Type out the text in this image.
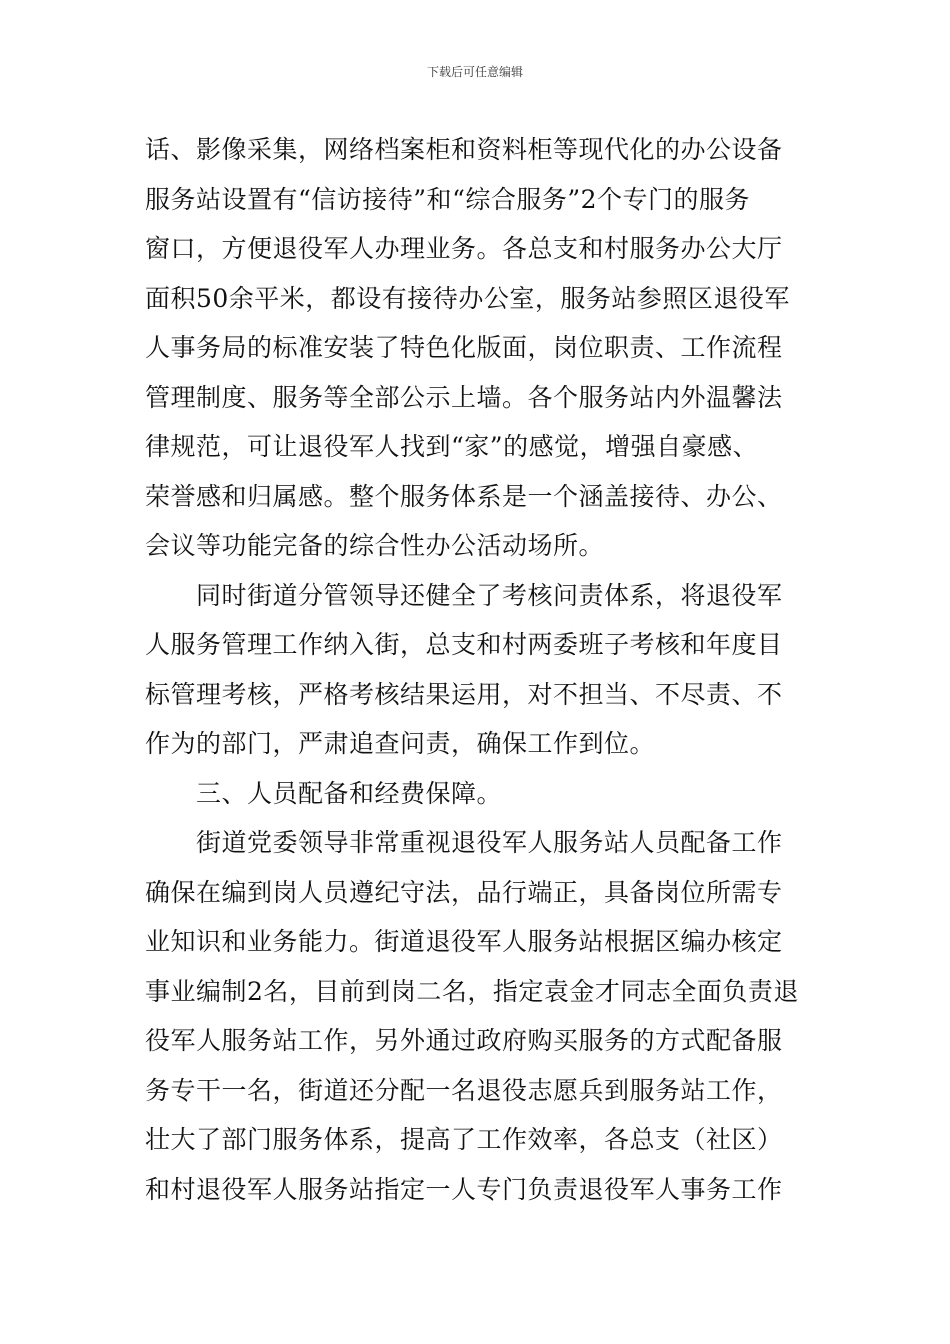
下载后可任意编辑
话、影像采集，网络档案柜和资料柜等现代化的办公设备
服务站设置有“信访接待”和“综合服务”2个专门的服务
窗口，方便退役军人办理业务。各总支和村服务办公大厅
面积50余平米，都设有接待办公室，服务站参照区退役军
人事务局的标准安装了特色化版面，岗位职责、工作流程
管理制度、服务等全部公示上墙。各个服务站内外温馨法
律规范，可让退役军人找到“家”的感觉，增强自豪感、
荣誉感和归属感。整个服务体系是一个涵盖接待、办公、
会议等功能完备的综合性办公活动场所。
　　同时街道分管领导还健全了考核问责体系，将退役军
人服务管理工作纳入街，总支和村两委班子考核和年度目
标管理考核，严格考核结果运用，对不担当、不尽责、不
作为的部门，严肃追查问责，确保工作到位。
　　三、人员配备和经费保障。
　　街道党委领导非常重视退役军人服务站人员配备工作
确保在编到岗人员遵纪守法，品行端正，具备岗位所需专
业知识和业务能力。街道退役军人服务站根据区编办核定
事业编制2名，目前到岗二名，指定袁金才同志全面负责退
役军人服务站工作，另外通过政府购买服务的方式配备服
务专干一名，街道还分配一名退役志愿兵到服务站工作，
壮大了部门服务体系，提高了工作效率，各总支（社区）
和村退役军人服务站指定一人专门负责退役军人事务工作
